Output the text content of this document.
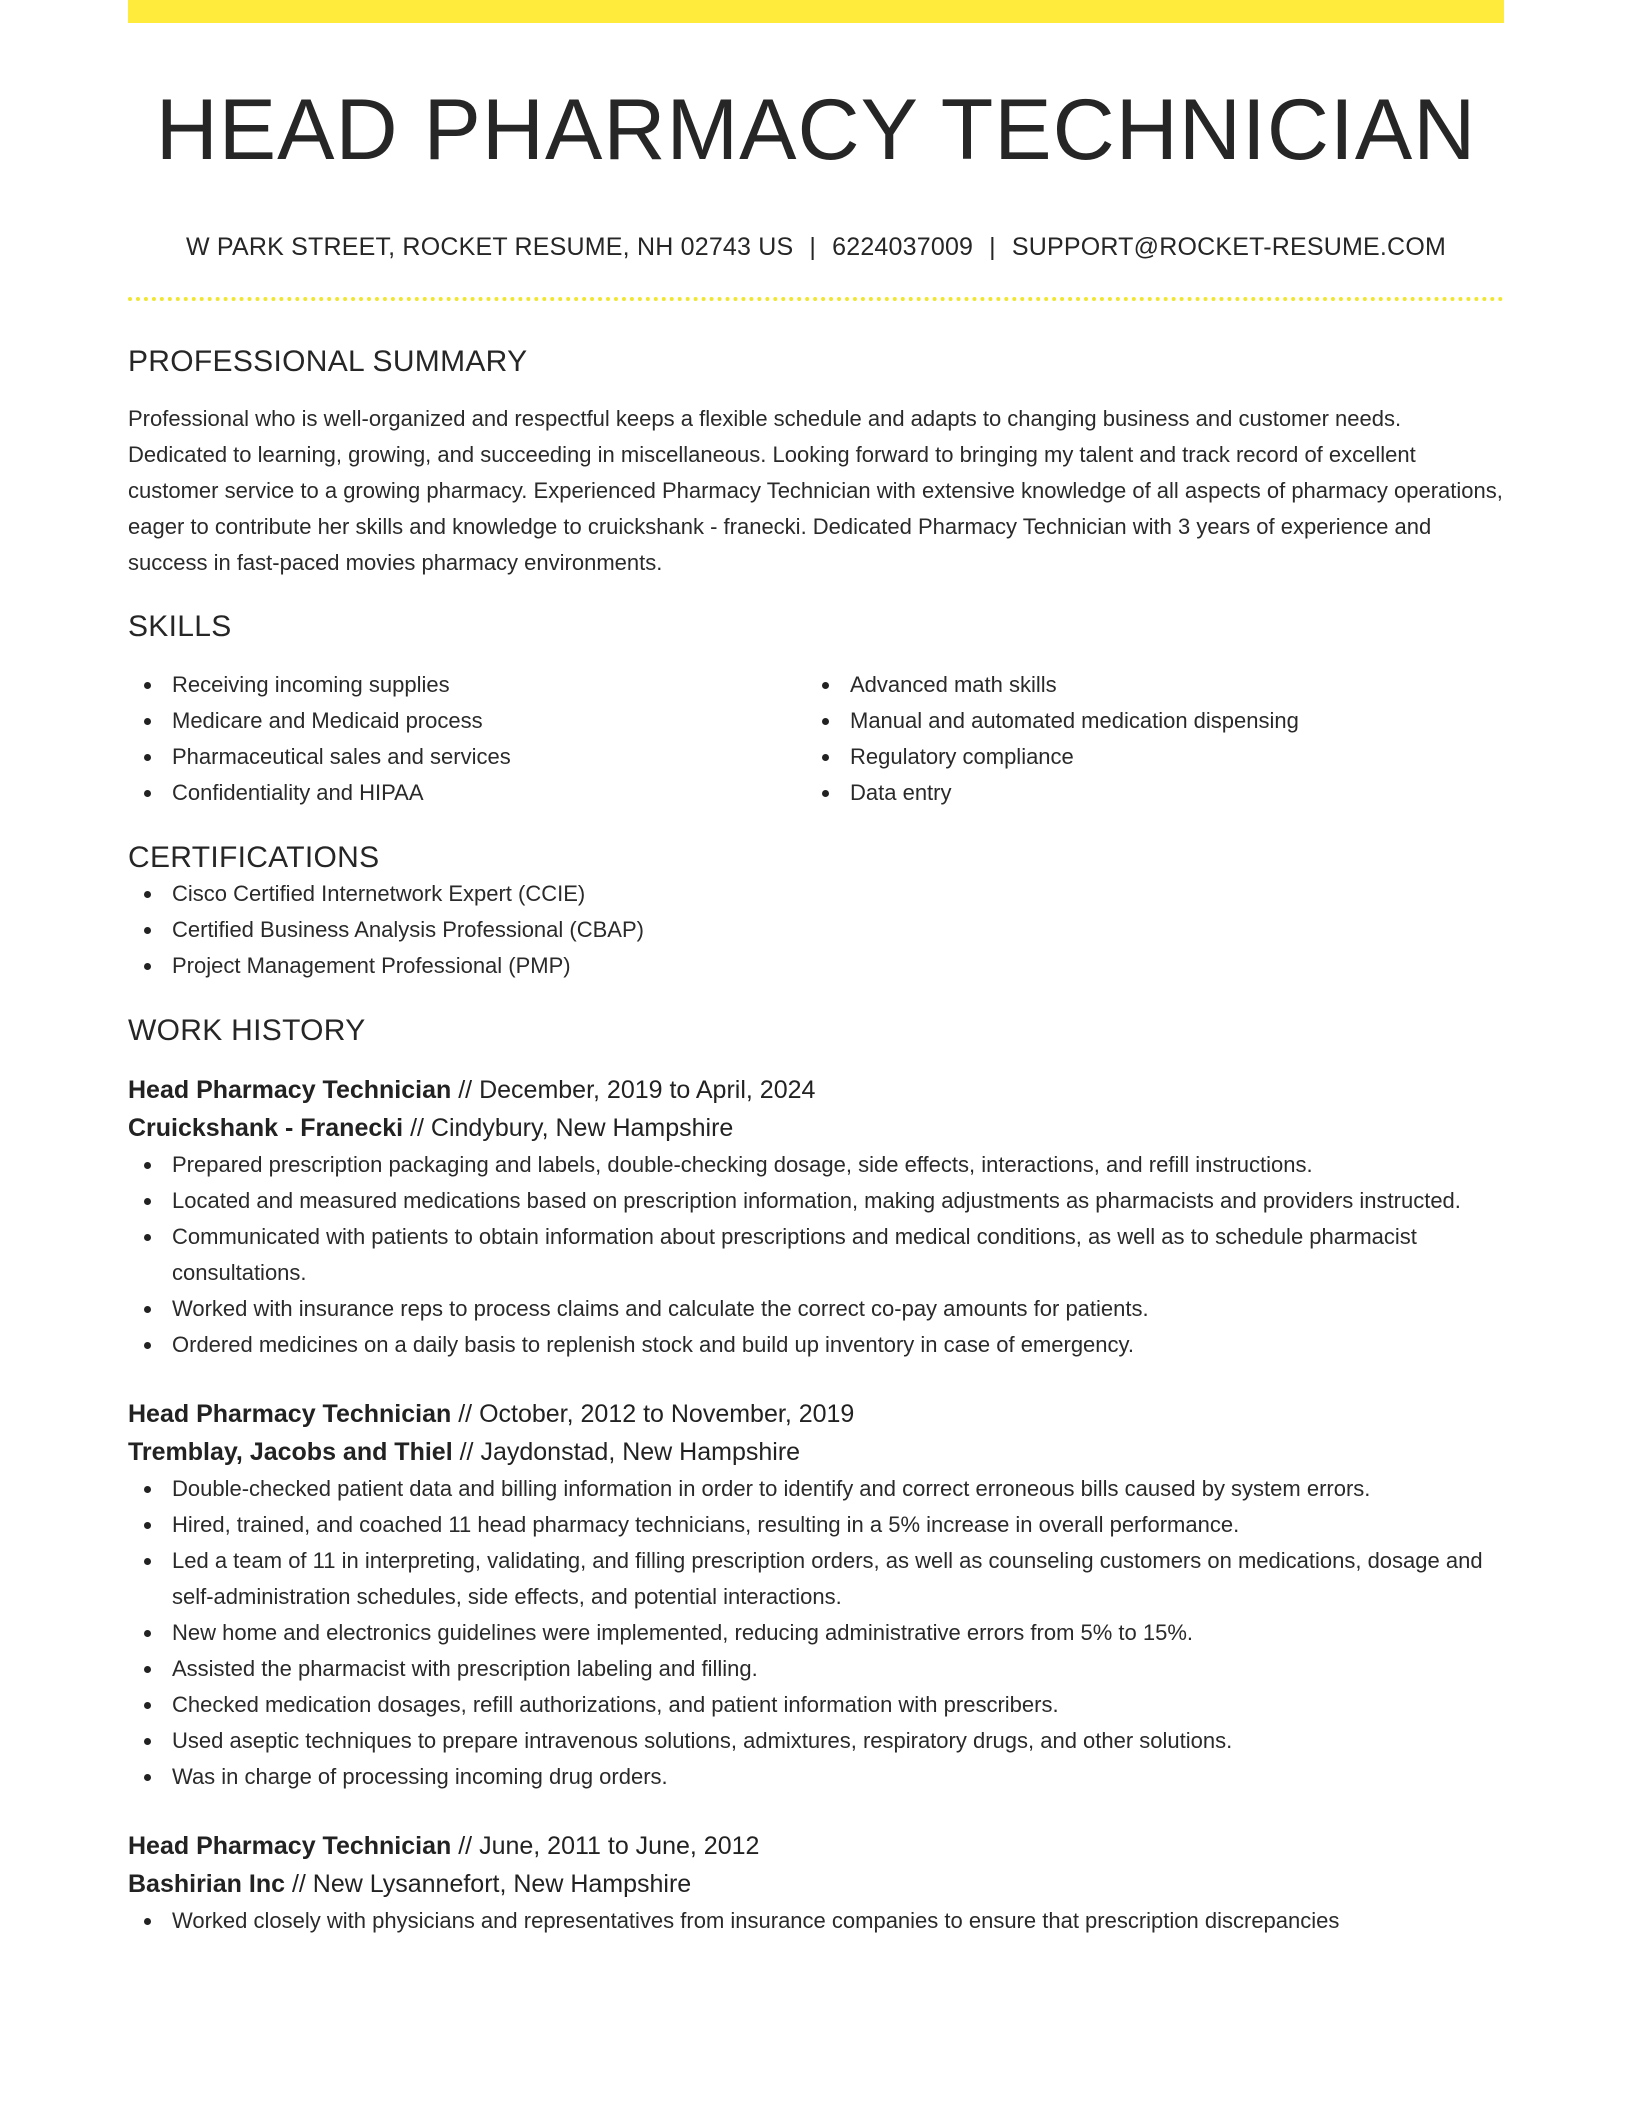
HEAD PHARMACY TECHNICIAN
W PARK STREET, ROCKET RESUME, NH 02743 US | 6224037009 | SUPPORT@ROCKET-RESUME.COM
PROFESSIONAL SUMMARY

Professional who is well-organized and respectful keeps a flexible schedule and adapts to changing business and customer needs. Dedicated to learning, growing, and succeeding in miscellaneous. Looking forward to bringing my talent and track record of excellent customer service to a growing pharmacy. Experienced Pharmacy Technician with extensive knowledge of all aspects of pharmacy operations, eager to contribute her skills and knowledge to cruickshank - franecki. Dedicated Pharmacy Technician with 3 years of experience and success in fast-paced movies pharmacy environments.

SKILLS
Receiving incoming supplies
Medicare and Medicaid process
Pharmaceutical sales and services
Confidentiality and HIPAA
Advanced math skills
Manual and automated medication dispensing
Regulatory compliance
Data entry
CERTIFICATIONS
Cisco Certified Internetwork Expert (CCIE)
Certified Business Analysis Professional (CBAP)
Project Management Professional (PMP)
WORK HISTORY
Head Pharmacy Technician // December, 2019 to April, 2024
Cruickshank - Franecki // Cindybury, New Hampshire
Prepared prescription packaging and labels, double-checking dosage, side effects, interactions, and refill instructions.
Located and measured medications based on prescription information, making adjustments as pharmacists and providers instructed.
Communicated with patients to obtain information about prescriptions and medical conditions, as well as to schedule pharmacist consultations.
Worked with insurance reps to process claims and calculate the correct co-pay amounts for patients.
Ordered medicines on a daily basis to replenish stock and build up inventory in case of emergency.
Head Pharmacy Technician // October, 2012 to November, 2019
Tremblay, Jacobs and Thiel // Jaydonstad, New Hampshire
Double-checked patient data and billing information in order to identify and correct erroneous bills caused by system errors.
Hired, trained, and coached 11 head pharmacy technicians, resulting in a 5% increase in overall performance.
Led a team of 11 in interpreting, validating, and filling prescription orders, as well as counseling customers on medications, dosage and self-administration schedules, side effects, and potential interactions.
New home and electronics guidelines were implemented, reducing administrative errors from 5% to 15%.
Assisted the pharmacist with prescription labeling and filling.
Checked medication dosages, refill authorizations, and patient information with prescribers.
Used aseptic techniques to prepare intravenous solutions, admixtures, respiratory drugs, and other solutions.
Was in charge of processing incoming drug orders.
Head Pharmacy Technician // June, 2011 to June, 2012
Bashirian Inc // New Lysannefort, New Hampshire
Worked closely with physicians and representatives from insurance companies to ensure that prescription discrepancies
